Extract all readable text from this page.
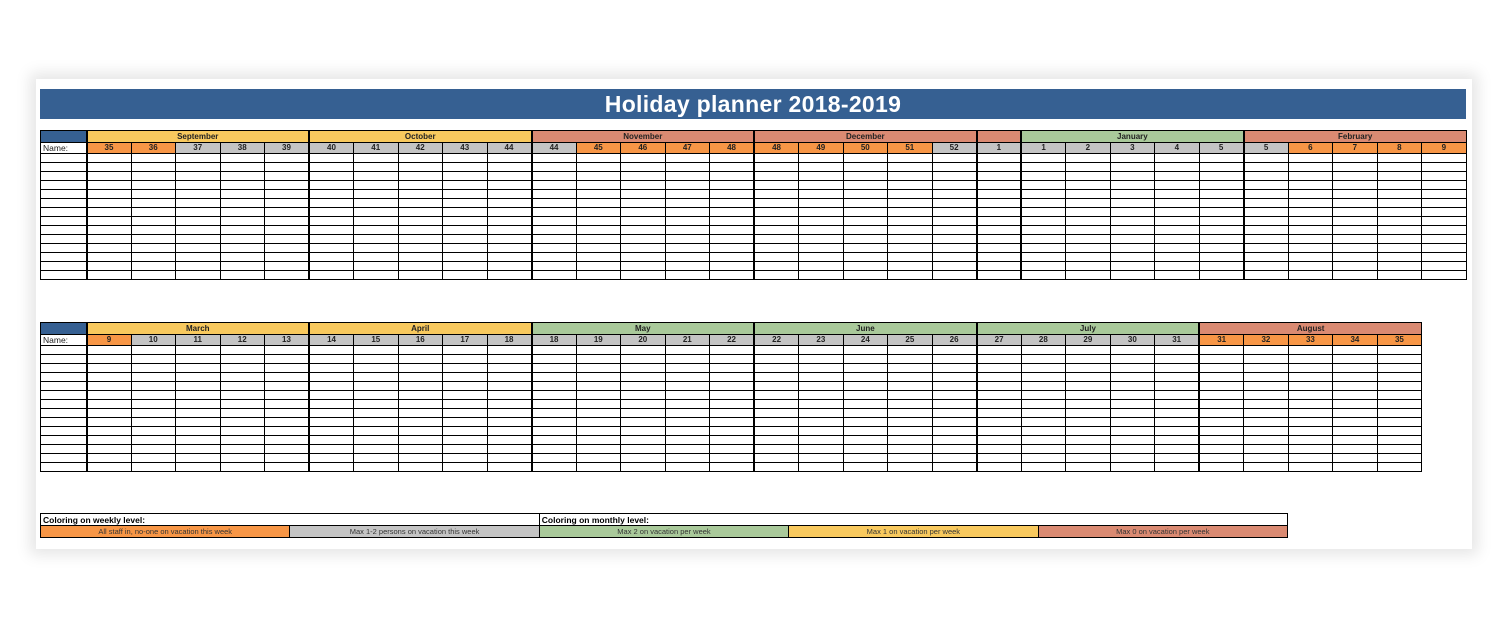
Holiday planner 2018-2019
	September					October					November					December						January					February				
Name:	35	36	37	38	39	40	41	42	43	44	44	45	46	47	48	48	49	50	51	52	1	1	2	3	4	5	5	6	7	8	9

	March					April					May					June					July					August				
Name:	9	10	11	12	13	14	15	16	17	18	18	19	20	21	22	22	23	24	25	26	27	28	29	30	31	31	32	33	34	35

Coloring on weekly level:		Coloring on monthly level:		
All staff in, no-one on vacation this week	Max 1-2 persons on vacation this week	Max 2 on vacation per week	Max 1 on vacation per week	Max 0 on vacation per week
